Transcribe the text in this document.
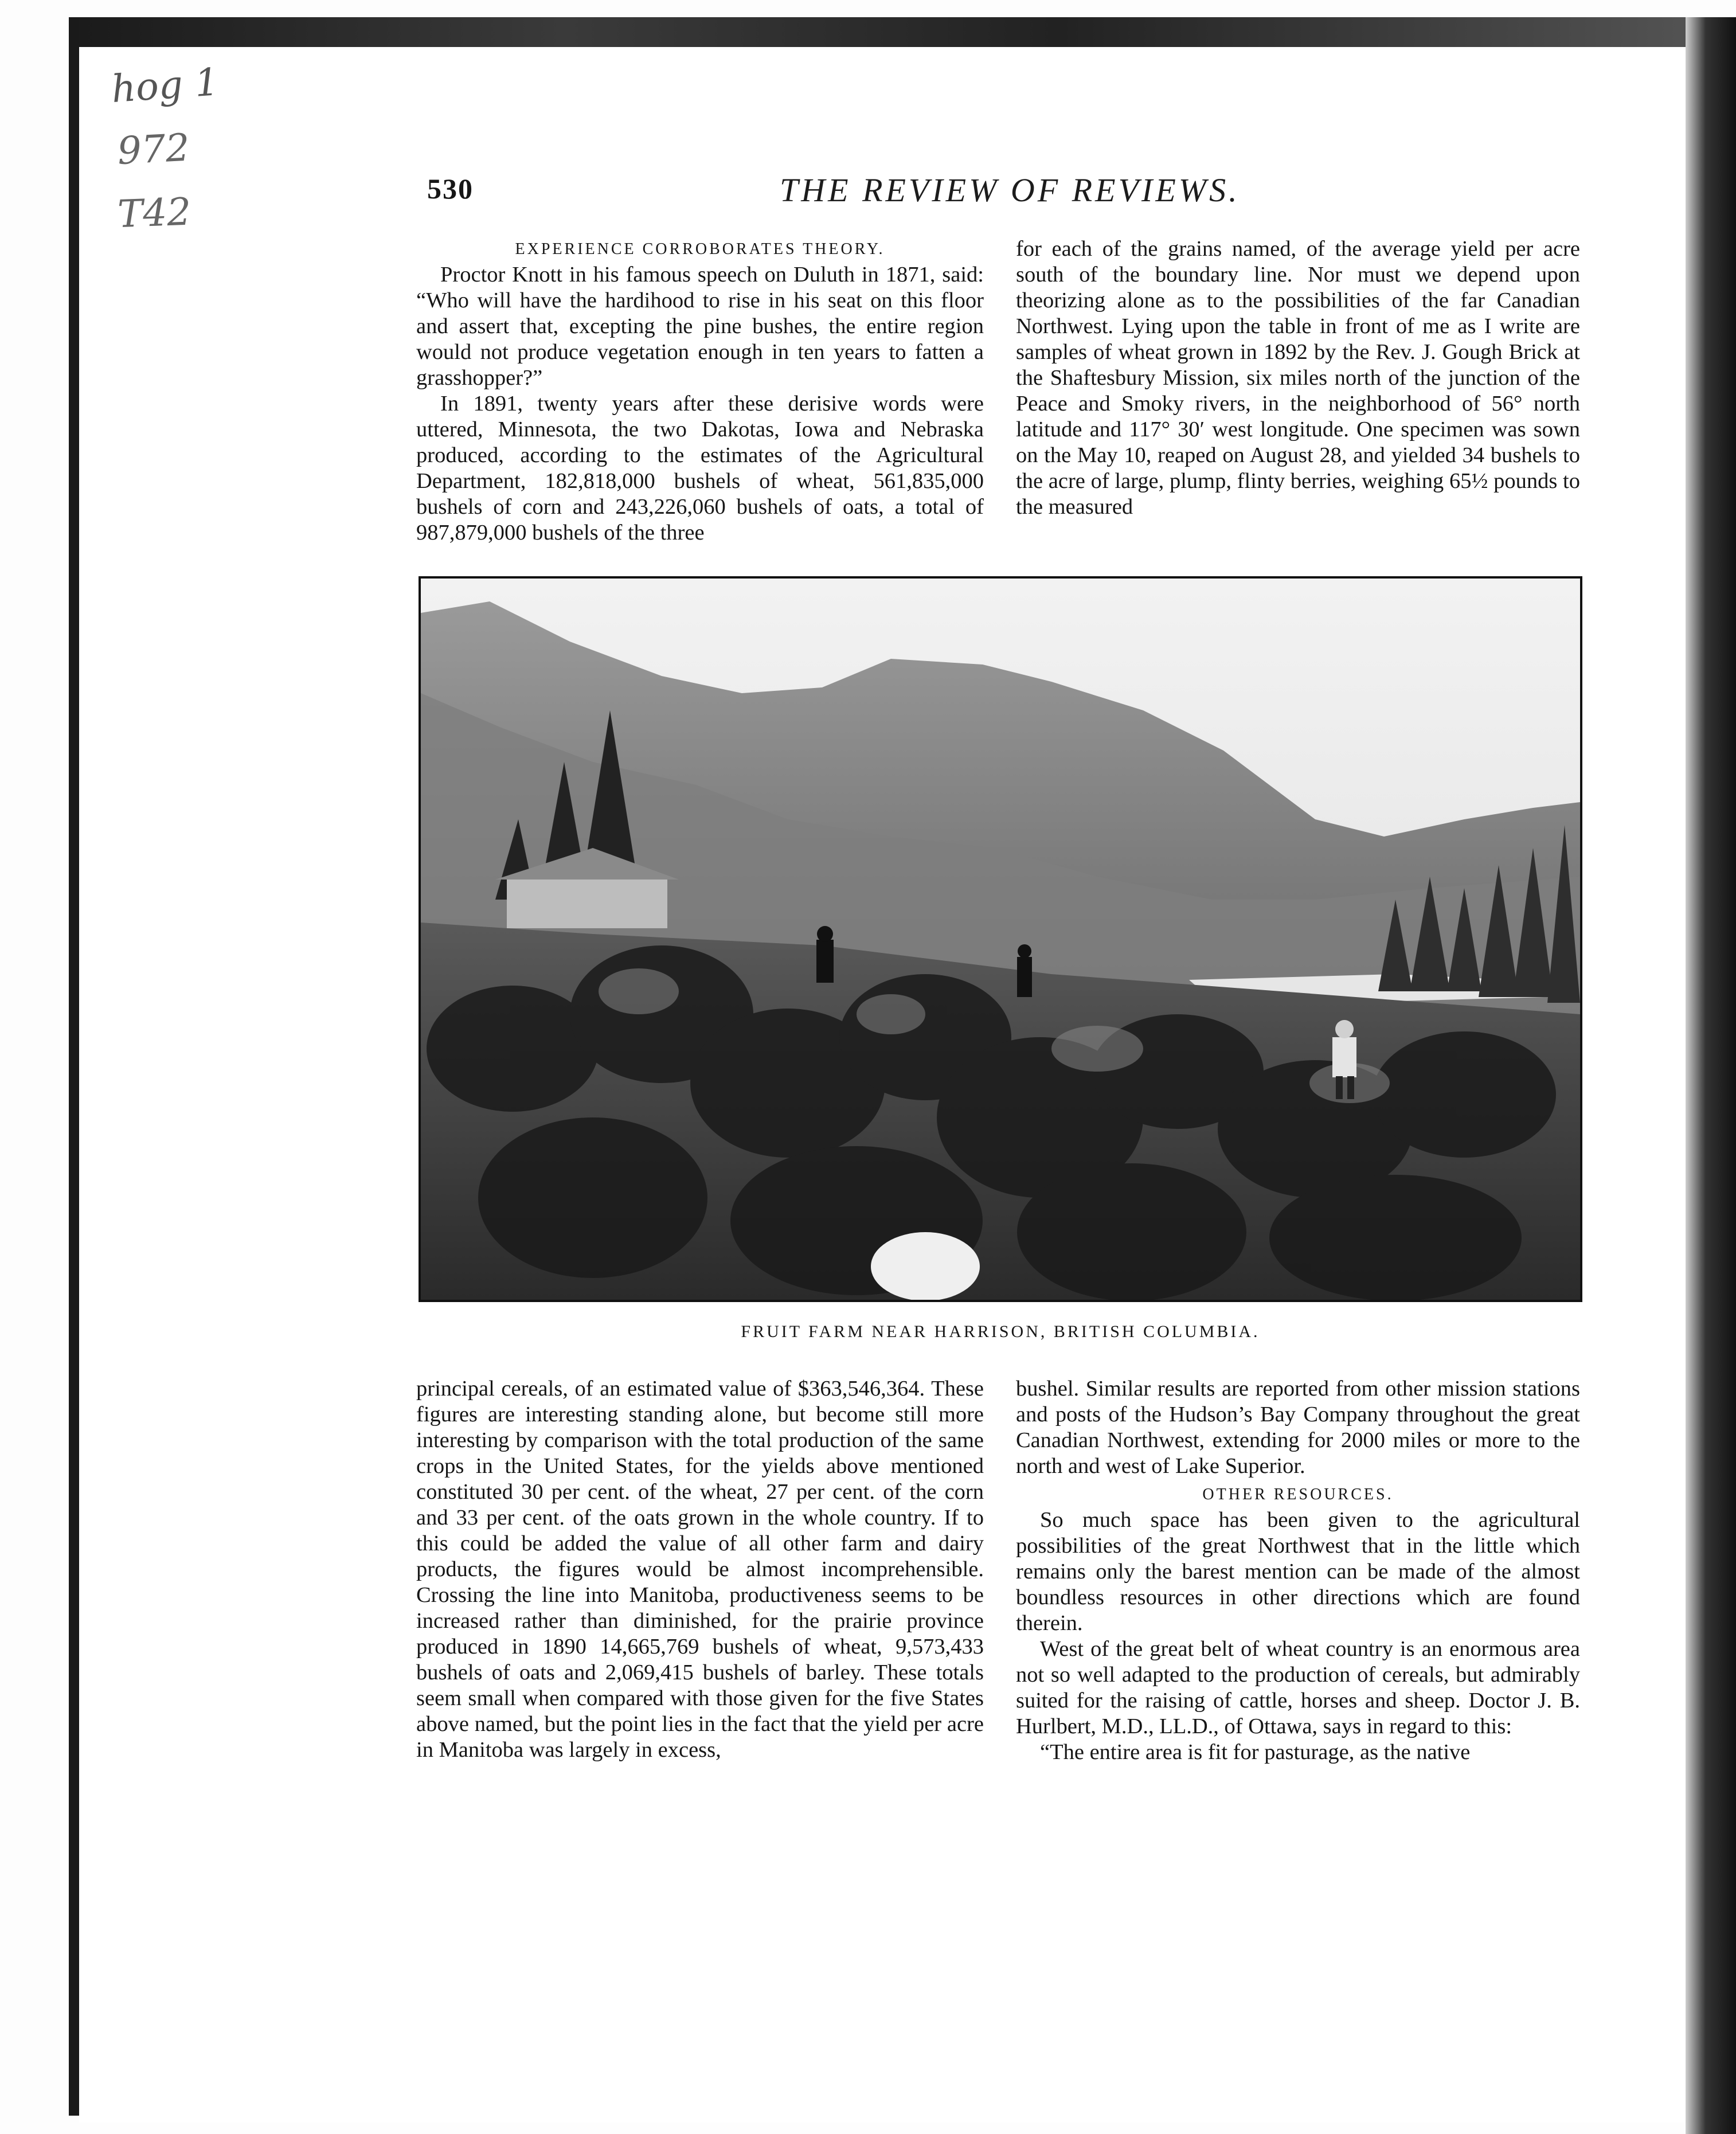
hog 1
972
T42
530	THE REVIEW OF REVIEWS.

EXPERIENCE CORROBORATES THEORY.

Proctor Knott in his famous speech on Duluth in 1871, said: “Who will have the hardihood to rise in his seat on this floor and assert that, excepting the pine bushes, the entire region would not produce vegetation enough in ten years to fatten a grasshopper?”

In 1891, twenty years after these derisive words were uttered, Minnesota, the two Dakotas, Iowa and Nebraska produced, according to the estimates of the Agricultural Department, 182,818,000 bushels of wheat, 561,835,000 bushels of corn and 243,226,060 bushels of oats, a total of 987,879,000 bushels of the three

for each of the grains named, of the average yield per acre south of the boundary line. Nor must we depend upon theorizing alone as to the possibilities of the far Canadian Northwest. Lying upon the table in front of me as I write are samples of wheat grown in 1892 by the Rev. J. Gough Brick at the Shaftesbury Mission, six miles north of the junction of the Peace and Smoky rivers, in the neighborhood of 56° north latitude and 117° 30′ west longitude. One specimen was sown on the May 10, reaped on August 28, and yielded 34 bushels to the acre of large, plump, flinty berries, weighing 65½ pounds to the measured

FRUIT FARM NEAR HARRISON, BRITISH COLUMBIA.

principal cereals, of an estimated value of $363,546,364. These figures are interesting standing alone, but become still more interesting by comparison with the total production of the same crops in the United States, for the yields above mentioned constituted 30 per cent. of the wheat, 27 per cent. of the corn and 33 per cent. of the oats grown in the whole country. If to this could be added the value of all other farm and dairy products, the figures would be almost incomprehensible. Crossing the line into Manitoba, productiveness seems to be increased rather than diminished, for the prairie province produced in 1890 14,665,769 bushels of wheat, 9,573,433 bushels of oats and 2,069,415 bushels of barley. These totals seem small when compared with those given for the five States above named, but the point lies in the fact that the yield per acre in Manitoba was largely in excess,

bushel. Similar results are reported from other mission stations and posts of the Hudson’s Bay Company throughout the great Canadian Northwest, extending for 2000 miles or more to the north and west of Lake Superior.

OTHER RESOURCES.

So much space has been given to the agricultural possibilities of the great Northwest that in the little which remains only the barest mention can be made of the almost boundless resources in other directions which are found therein.

West of the great belt of wheat country is an enormous area not so well adapted to the production of cereals, but admirably suited for the raising of cattle, horses and sheep. Doctor J. B. Hurlbert, M.D., LL.D., of Ottawa, says in regard to this:

“The entire area is fit for pasturage, as the native
